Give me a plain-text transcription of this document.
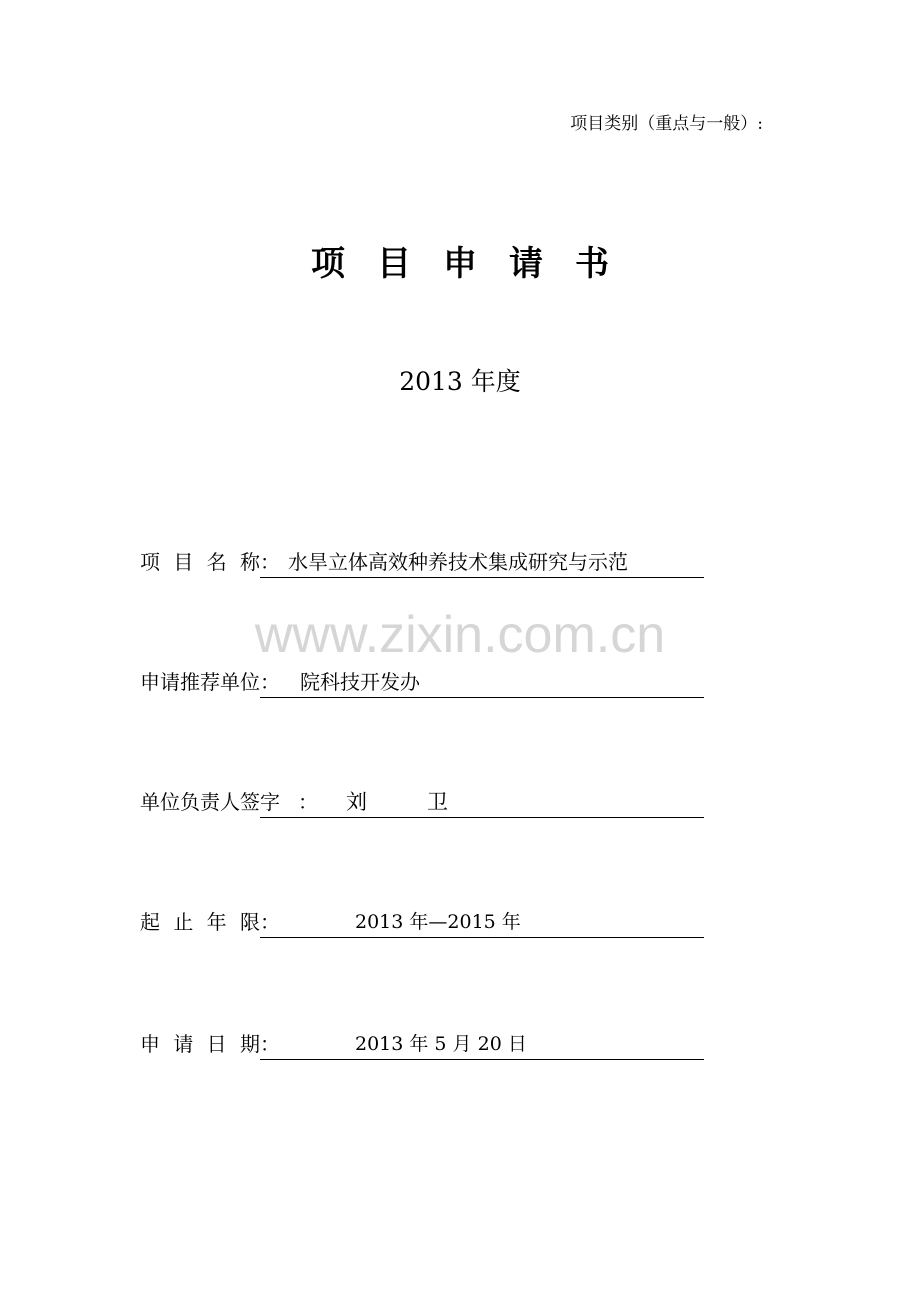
项目类别（重点与一般）:
项目申请书
2013 年度
www.zixin.com.cn
项 目 名 称 ： 水旱立体高效种养技术集成研究与示范
申请推荐单位 ： 院科技开发办
单位负责人签字 ： 刘	卫
起 止 年 限 ：	2013 年—2015 年
申 请 日 期 ：	2013 年 5 月 20 日
